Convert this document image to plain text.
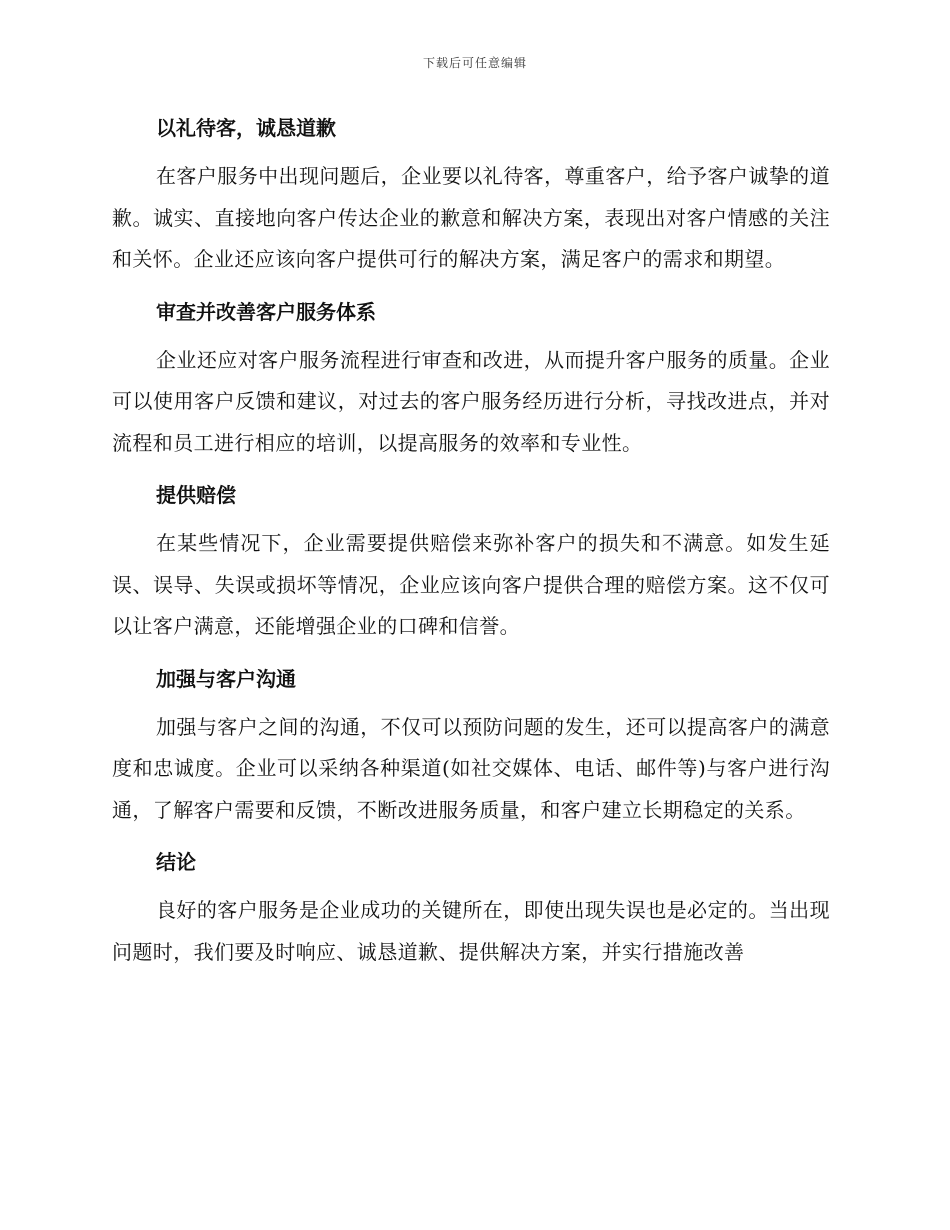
下载后可任意编辑
以礼待客，诚恳道歉

在客户服务中出现问题后，企业要以礼待客，尊重客户，给予客户诚挚的道歉。诚实、直接地向客户传达企业的歉意和解决方案，表现出对客户情感的关注和关怀。企业还应该向客户提供可行的解决方案，满足客户的需求和期望。

审查并改善客户服务体系

企业还应对客户服务流程进行审查和改进，从而提升客户服务的质量。企业可以使用客户反馈和建议，对过去的客户服务经历进行分析，寻找改进点，并对流程和员工进行相应的培训，以提高服务的效率和专业性。

提供赔偿

在某些情况下，企业需要提供赔偿来弥补客户的损失和不满意。如发生延误、误导、失误或损坏等情况，企业应该向客户提供合理的赔偿方案。这不仅可以让客户满意，还能增强企业的口碑和信誉。

加强与客户沟通

加强与客户之间的沟通，不仅可以预防问题的发生，还可以提高客户的满意度和忠诚度。企业可以采纳各种渠道(如社交媒体、电话、邮件等)与客户进行沟通，了解客户需要和反馈，不断改进服务质量，和客户建立长期稳定的关系。

结论

良好的客户服务是企业成功的关键所在，即使出现失误也是必定的。当出现问题时，我们要及时响应、诚恳道歉、提供解决方案，并实行措施改善
